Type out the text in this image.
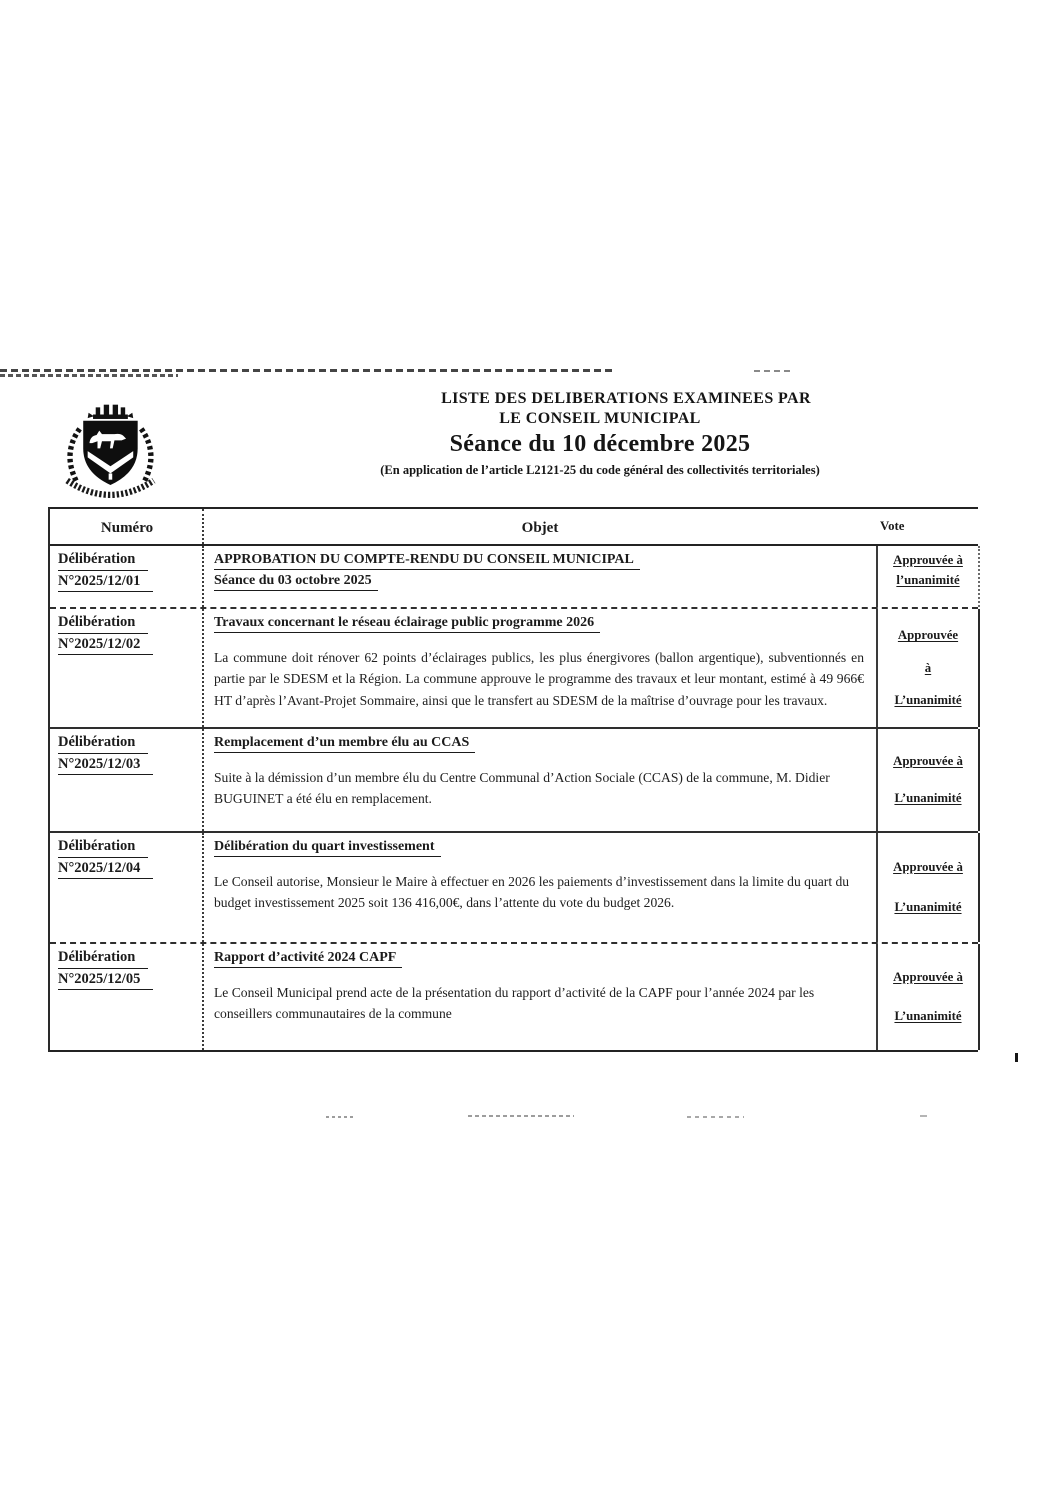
LISTE DES DELIBERATIONS EXAMINEES PAR
LE CONSEIL MUNICIPAL
Séance du 10 décembre 2025
(En application de l’article L2121-25 du code général des collectivités territoriales)
Numéro	Objet	Vote
Délibération
N°2025/12/01
APPROBATION DU COMPTE-RENDU DU CONSEIL MUNICIPAL
Séance du 03 octobre 2025
Approuvée à
l’unanimité
Délibération
N°2025/12/02
Travaux concernant le réseau éclairage public programme 2026
La commune doit rénover 62 points d’éclairages publics, les plus énergivores (ballon argentique), subventionnés en partie par le SDESM et la Région. La commune approuve le programme des travaux et leur montant, estimé à 49 966€ HT d’après l’Avant-Projet Sommaire, ainsi que le transfert au SDESM de la maîtrise d’ouvrage pour les travaux.
Approuvée
à
L’unanimité
Délibération
N°2025/12/03
Remplacement d’un membre élu au CCAS
Suite à la démission d’un membre élu du Centre Communal d’Action Sociale (CCAS) de la commune, M. Didier BUGUINET a été élu en remplacement.
Approuvée à
L’unanimité
Délibération
N°2025/12/04
Délibération du quart investissement
Le Conseil autorise, Monsieur le Maire à effectuer en 2026 les paiements d’investissement dans la limite du quart du budget investissement 2025 soit 136 416,00€, dans l’attente du vote du budget 2026.
Approuvée à
L’unanimité
Délibération
N°2025/12/05
Rapport d’activité 2024 CAPF
Le Conseil Municipal prend acte de la présentation du rapport d’activité de la CAPF pour l’année 2024 par les conseillers communautaires de la commune
Approuvée à
L’unanimité
